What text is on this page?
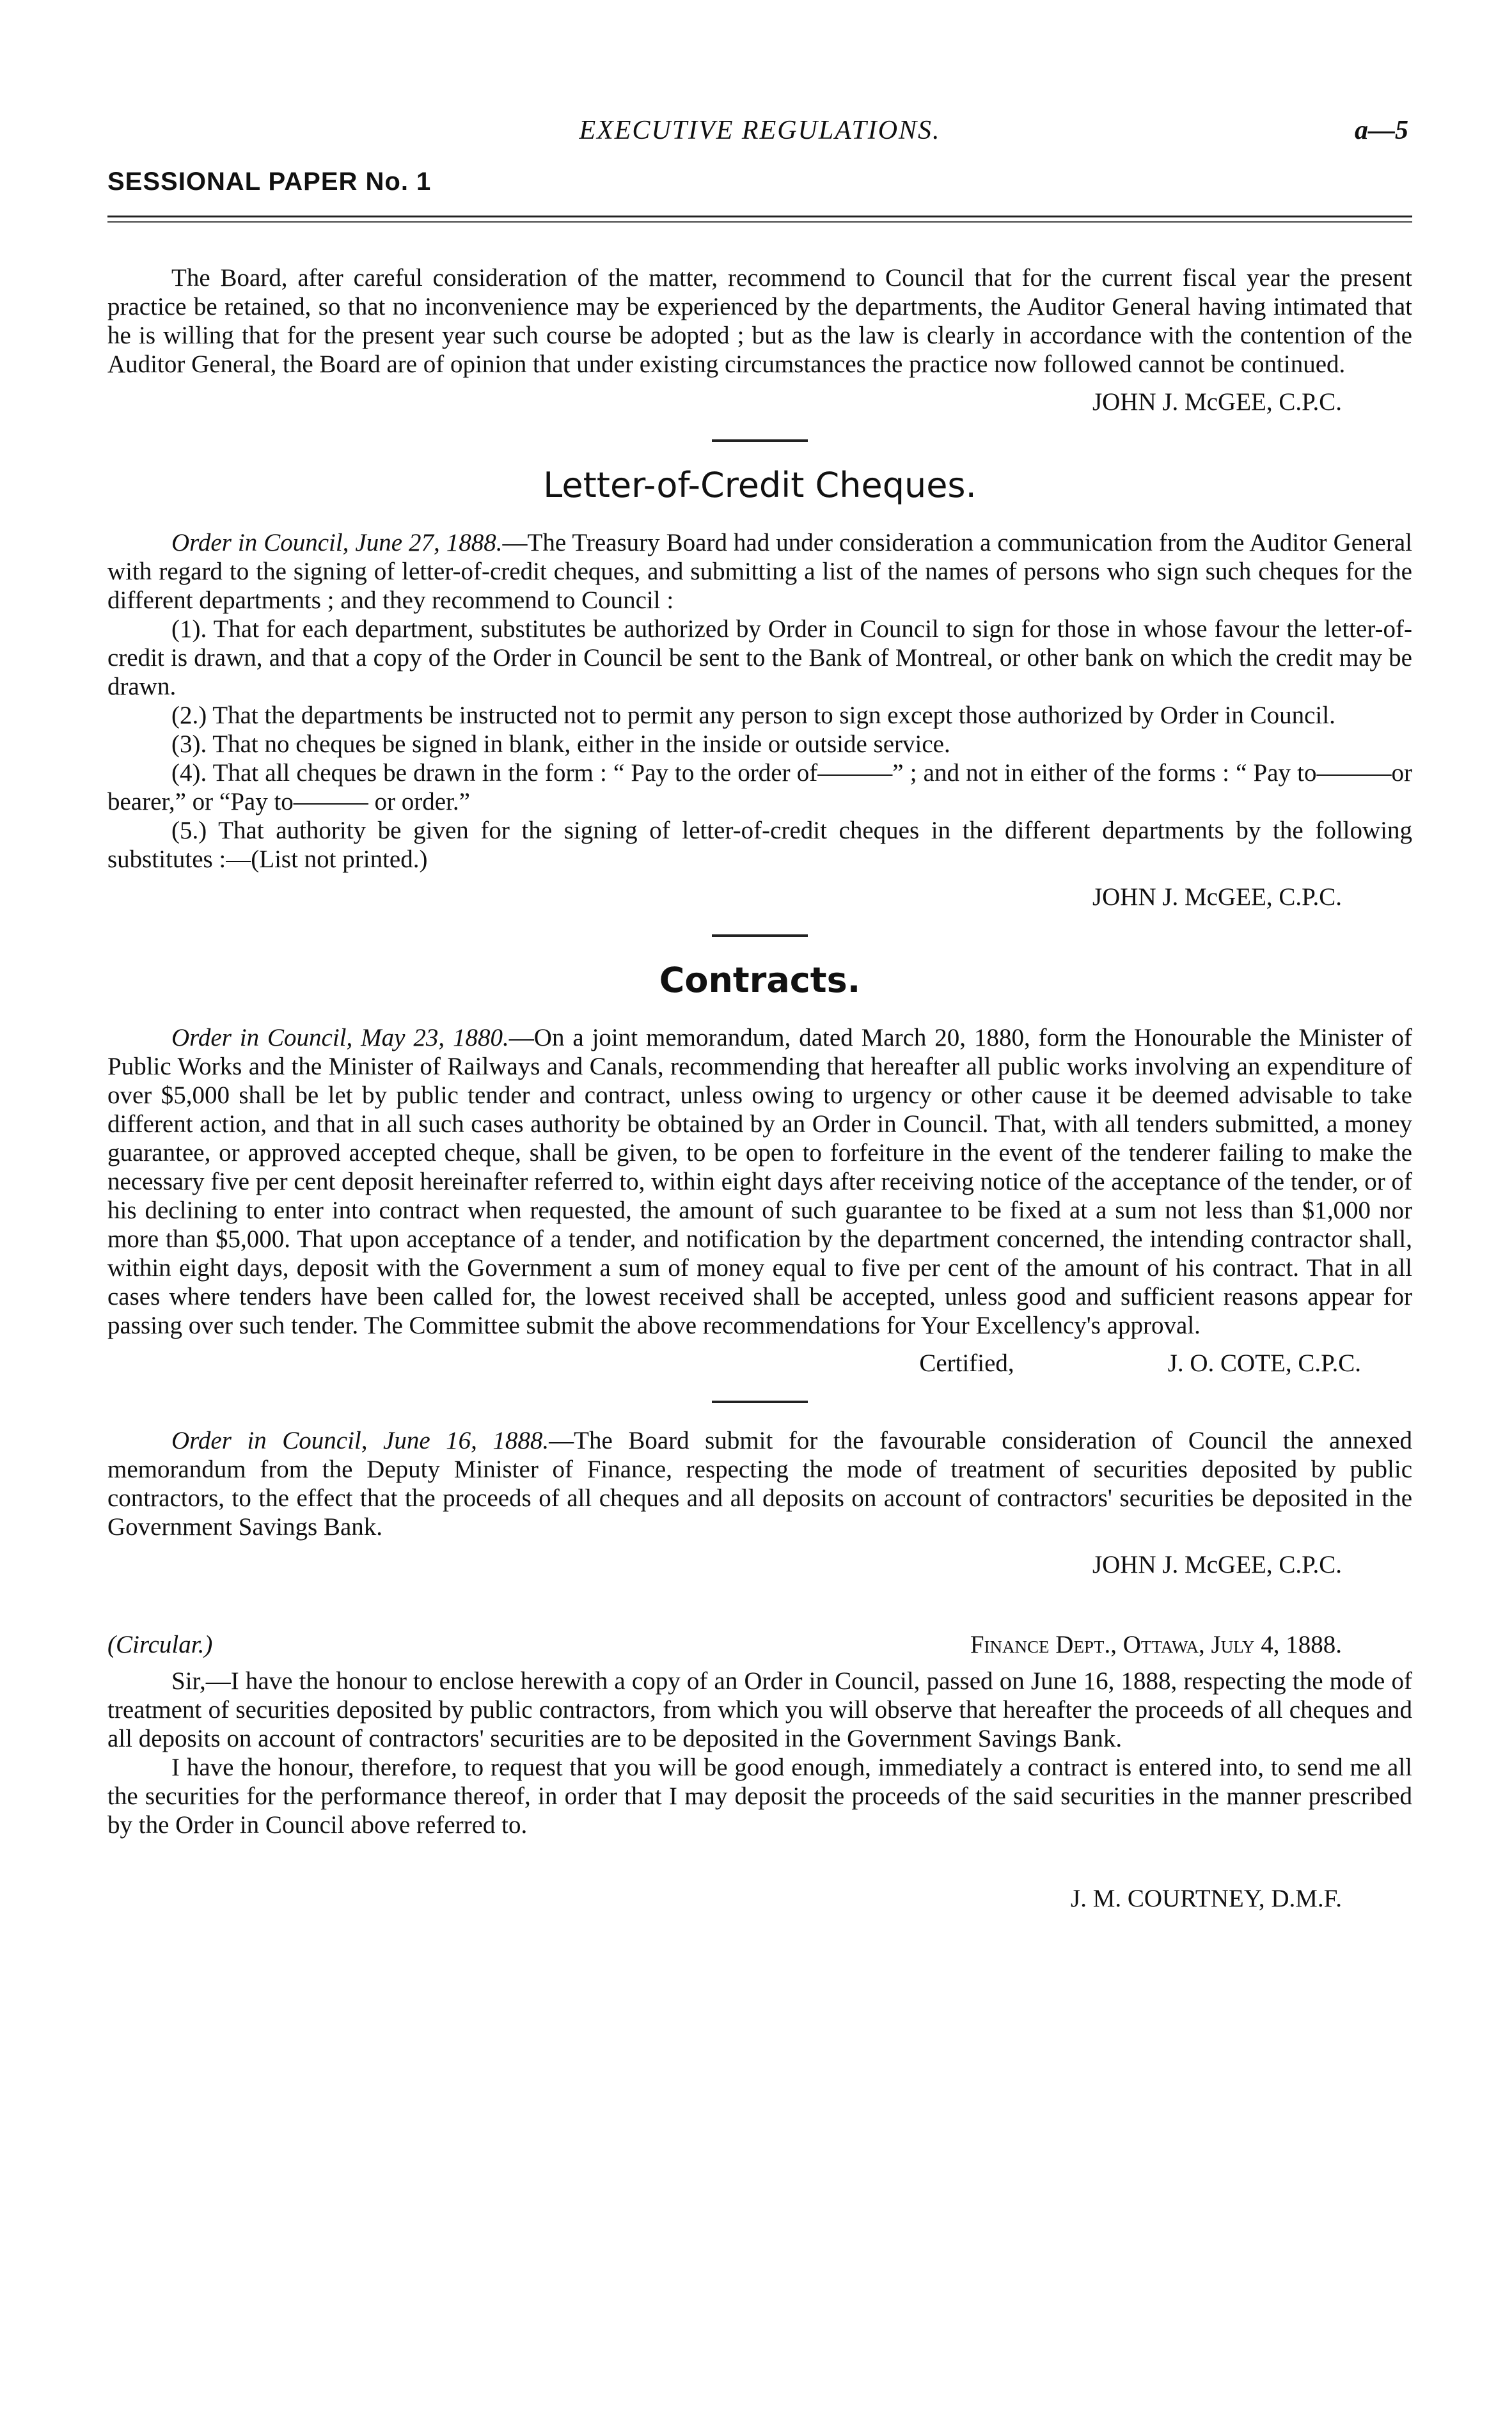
EXECUTIVE REGULATIONS.	a—5
SESSIONAL PAPER No. 1

The Board, after careful consideration of the matter, recommend to Council that for the current fiscal year the present practice be retained, so that no inconvenience may be experienced by the departments, the Auditor General having intimated that he is willing that for the present year such course be adopted ; but as the law is clearly in accordance with the contention of the Auditor General, the Board are of opinion that under existing circumstances the practice now followed cannot be continued.

JOHN J. McGEE, C.P.C.
Letter-of-Credit Cheques.

Order in Council, June 27, 1888.—The Treasury Board had under consideration a communication from the Auditor General with regard to the signing of letter-of-credit cheques, and submitting a list of the names of persons who sign such cheques for the different departments ; and they recommend to Council :

(1). That for each department, substitutes be authorized by Order in Council to sign for those in whose favour the letter-of-credit is drawn, and that a copy of the Order in Council be sent to the Bank of Montreal, or other bank on which the credit may be drawn.

(2.) That the departments be instructed not to permit any person to sign except those authorized by Order in Council.

(3). That no cheques be signed in blank, either in the inside or outside service.

(4). That all cheques be drawn in the form : “ Pay to the order of———” ; and not in either of the forms : “ Pay to———or bearer,” or “Pay to——— or order.”

(5.) That authority be given for the signing of letter-of-credit cheques in the different departments by the following substitutes :—(List not printed.)

JOHN J. McGEE, C.P.C.
Contracts.

Order in Council, May 23, 1880.—On a joint memorandum, dated March 20, 1880, form the Honourable the Minister of Public Works and the Minister of Railways and Canals, recommending that hereafter all public works involving an expenditure of over $5,000 shall be let by public tender and contract, unless owing to urgency or other cause it be deemed advisable to take different action, and that in all such cases authority be obtained by an Order in Council. That, with all tenders submitted, a money guarantee, or approved accepted cheque, shall be given, to be open to forfeiture in the event of the tenderer failing to make the necessary five per cent deposit hereinafter referred to, within eight days after receiving notice of the acceptance of the tender, or of his declining to enter into contract when requested, the amount of such guarantee to be fixed at a sum not less than $1,000 nor more than $5,000. That upon acceptance of a tender, and notification by the department concerned, the intending contractor shall, within eight days, deposit with the Government a sum of money equal to five per cent of the amount of his contract. That in all cases where tenders have been called for, the lowest received shall be accepted, unless good and sufficient reasons appear for passing over such tender. The Committee submit the above recommendations for Your Excellency's approval.

Certified,	J. O. COTE, C.P.C.

Order in Council, June 16, 1888.—The Board submit for the favourable consideration of Council the annexed memorandum from the Deputy Minister of Finance, respecting the mode of treatment of securities deposited by public contractors, to the effect that the proceeds of all cheques and all deposits on account of contractors' securities be deposited in the Government Savings Bank.

JOHN J. McGEE, C.P.C.
(Circular.)	Finance Dept., Ottawa, July 4, 1888.

Sir,—I have the honour to enclose herewith a copy of an Order in Council, passed on June 16, 1888, respecting the mode of treatment of securities deposited by public contractors, from which you will observe that hereafter the proceeds of all cheques and all deposits on account of contractors' securities are to be deposited in the Government Savings Bank.

I have the honour, therefore, to request that you will be good enough, immediately a contract is entered into, to send me all the securities for the performance thereof, in order that I may deposit the proceeds of the said securities in the manner prescribed by the Order in Council above referred to.

J. M. COURTNEY, D.M.F.
